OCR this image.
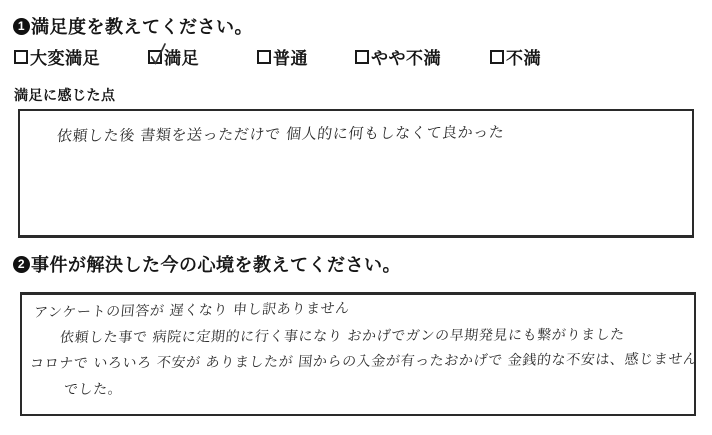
1 満足度を教えてください。
大変満足	満足	普通	やや不満	不満
満足に感じた点
依頼した後 書類を送っただけで 個人的に何もしなくて良かった
2 事件が解決した今の心境を教えてください。
アンケートの回答が 遅くなり 申し訳ありません
依頼した事で 病院に定期的に行く事になり おかげでガンの早期発見にも繋がりました
コロナで いろいろ 不安が ありましたが 国からの入金が有ったおかげで 金銭的な不安は、感じません
でした。
